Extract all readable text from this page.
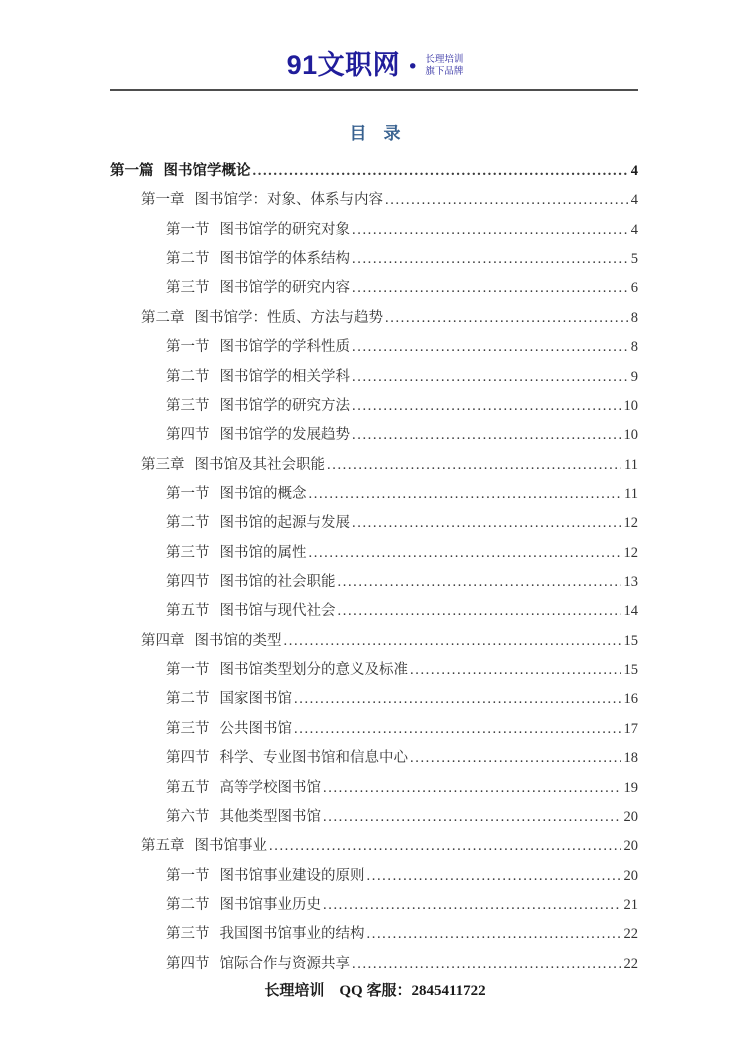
91文职网 • 长理培训
旗下品牌
目　录
第一篇 图书馆学概论 .....	4
第一章 图书馆学：对象、体系与内容 .....	4
第一节 图书馆学的研究对象 .....	4
第二节 图书馆学的体系结构 .....	5
第三节 图书馆学的研究内容 .....	6
第二章 图书馆学：性质、方法与趋势 .....	8
第一节 图书馆学的学科性质 .....	8
第二节 图书馆学的相关学科 .....	9
第三节 图书馆学的研究方法 .....	10
第四节 图书馆学的发展趋势 .....	10
第三章 图书馆及其社会职能 .....	11
第一节 图书馆的概念 .....	11
第二节 图书馆的起源与发展 .....	12
第三节 图书馆的属性 .....	12
第四节 图书馆的社会职能 .....	13
第五节 图书馆与现代社会 .....	14
第四章 图书馆的类型 .....	15
第一节 图书馆类型划分的意义及标准 .....	15
第二节 国家图书馆 .....	16
第三节 公共图书馆 .....	17
第四节 科学、专业图书馆和信息中心 .....	18
第五节 高等学校图书馆 .....	19
第六节 其他类型图书馆 .....	20
第五章 图书馆事业 .....	20
第一节 图书馆事业建设的原则 .....	20
第二节 图书馆事业历史 .....	21
第三节 我国图书馆事业的结构 .....	22
第四节 馆际合作与资源共享 .....	22
长理培训　QQ 客服：2845411722
